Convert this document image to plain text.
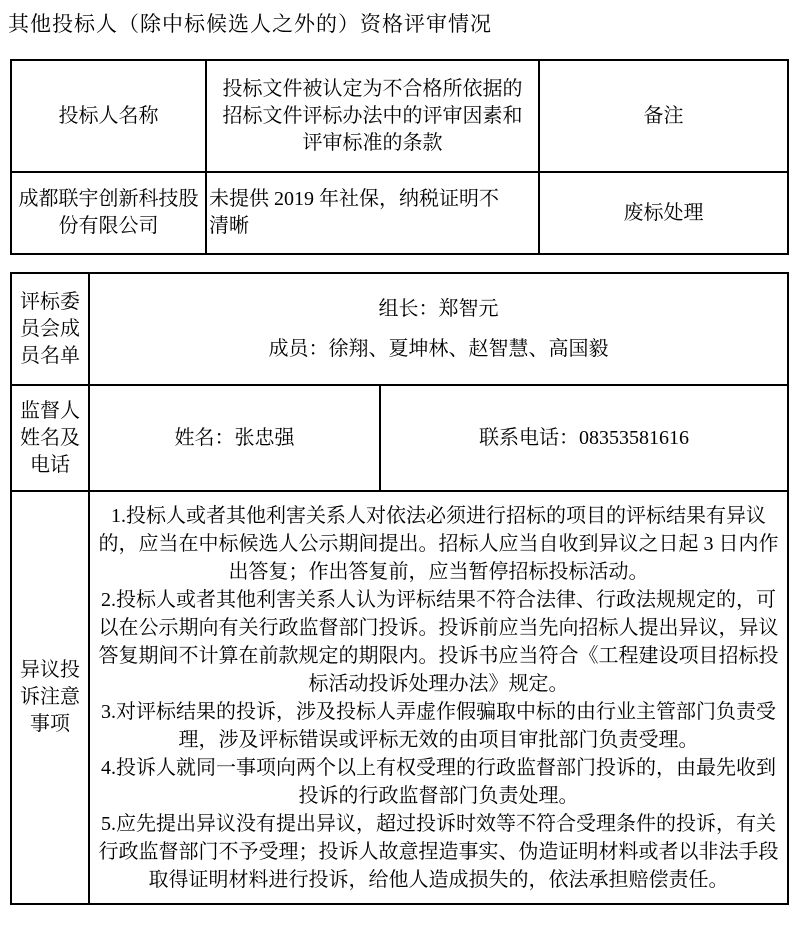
其他投标人（除中标候选人之外的）资格评审情况
投标人名称	投标文件被认定为不合格所依据的招标文件评标办法中的评审因素和评审标准的条款	备注
成都联宇创新科技股份有限公司	未提供 2019 年社保，纳税证明不清晰	废标处理
评标委员会成员名单	组长：郑智元
成员：徐翔、夏坤林、赵智慧、高国毅	

监督人姓名及电话	姓名：张忠强	联系电话：08353581616
异议投诉注意事项	1.投标人或者其他利害关系人对依法必须进行招标的项目的评标结果有异议的，应当在中标候选人公示期间提出。招标人应当自收到异议之日起 3 日内作出答复；作出答复前，应当暂停招标投标活动。

2.投标人或者其他利害关系人认为评标结果不符合法律、行政法规规定的，可以在公示期向有关行政监督部门投诉。投诉前应当先向招标人提出异议，异议答复期间不计算在前款规定的期限内。投诉书应当符合《工程建设项目招标投标活动投诉处理办法》规定。

3.对评标结果的投诉，涉及投标人弄虚作假骗取中标的由行业主管部门负责受理，涉及评标错误或评标无效的由项目审批部门负责受理。

4.投诉人就同一事项向两个以上有权受理的行政监督部门投诉的，由最先收到投诉的行政监督部门负责处理。

5.应先提出异议没有提出异议，超过投诉时效等不符合受理条件的投诉，有关行政监督部门不予受理；投诉人故意捏造事实、伪造证明材料或者以非法手段取得证明材料进行投诉，给他人造成损失的，依法承担赔偿责任。	
